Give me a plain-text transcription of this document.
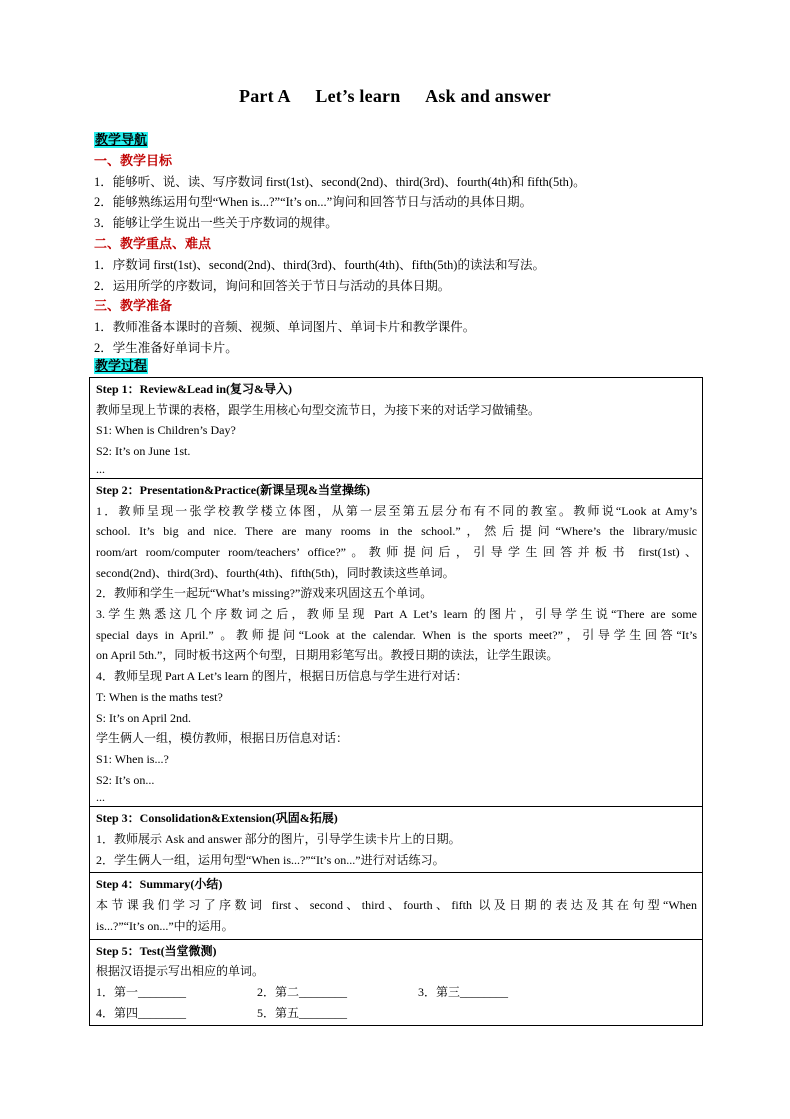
Part A Let’s learn Ask and answer
教学导航
一、教学目标
1．能够听、说、读、写序数词 first(1st)、second(2nd)、third(3rd)、fourth(4th)和 fifth(5th)。
2．能够熟练运用句型“When is...?”“It’s on...”询问和回答节日与活动的具体日期。
3．能够让学生说出一些关于序数词的规律。
二、教学重点、难点
1．序数词 first(1st)、second(2nd)、third(3rd)、fourth(4th)、fifth(5th)的读法和写法。
2．运用所学的序数词，询问和回答关于节日与活动的具体日期。
三、教学准备
1．教师准备本课时的音频、视频、单词图片、单词卡片和教学课件。
2．学生准备好单词卡片。
教学过程
Step 1：Review&Lead in(复习&导入)
教师呈现上节课的表格，跟学生用核心句型交流节日，为接下来的对话学习做铺垫。
S1: When is Children’s Day?
S2: It’s on June 1st.
...

Step 2：Presentation&Practice(新课呈现&当堂操练)
1．教师呈现一张学校教学楼立体图，从第一层至第五层分布有不同的教室。教师说“Look at Amy’s
school. It’s big and nice. There are many rooms in the school.”，然后提问“Where’s the library/music
room/art room/computer room/teachers’ office?”。教师提问后，引导学生回答并板书 first(1st)、
second(2nd)、third(3rd)、fourth(4th)、fifth(5th)，同时教读这些单词。
2．教师和学生一起玩“What’s missing?”游戏来巩固这五个单词。
3.学生熟悉这几个序数词之后，教师呈现 Part A Let’s learn 的图片，引导学生说“There are some
special days in April.” 。教师提问“Look at the calendar. When is the sports meet?”，引导学生回答“It’s
on April 5th.”，同时板书这两个句型，日期用彩笔写出。教授日期的读法，让学生跟读。
4．教师呈现 Part A Let’s learn 的图片，根据日历信息与学生进行对话：
T: When is the maths test?
S: It’s on April 2nd.
学生俩人一组，模仿教师，根据日历信息对话：
S1: When is...?
S2: It’s on...
...

Step 3：Consolidation&Extension(巩固&拓展)
1．教师展示 Ask and answer 部分的图片，引导学生读卡片上的日期。
2．学生俩人一组，运用句型“When is...?”“It’s on...”进行对话练习。

Step 4：Summary(小结)
本节课我们学习了序数词 first、second、third、fourth、fifth 以及日期的表达及其在句型“When
is...?”“It’s on...”中的运用。

Step 5：Test(当堂微测)
根据汉语提示写出相应的单词。
1．第一________	2．第二________	3．第三________
4．第四________	5．第五________
